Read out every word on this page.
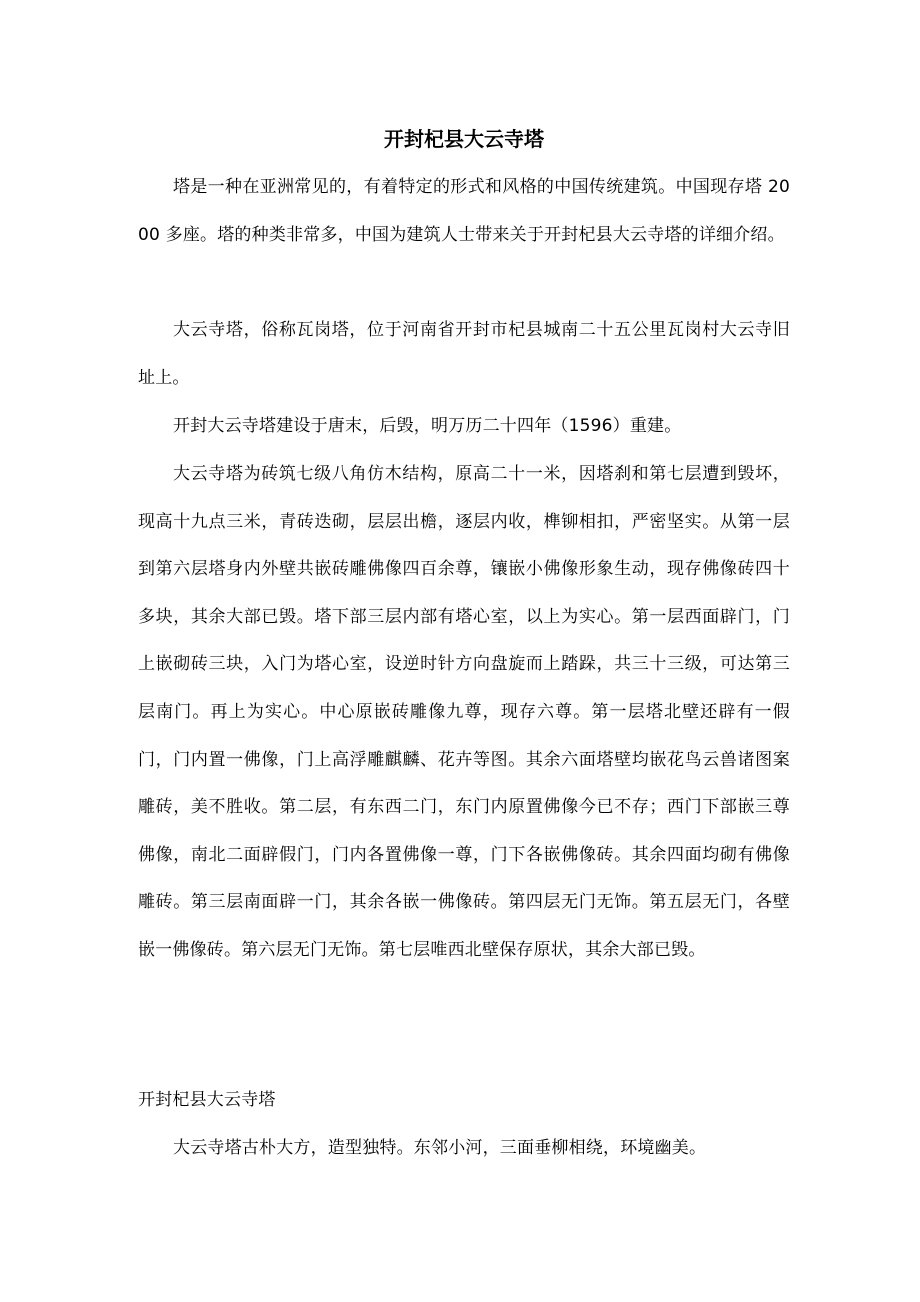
开封杞县大云寺塔

塔是一种在亚洲常见的，有着特定的形式和风格的中国传统建筑。中国现存塔 2000 多座。塔的种类非常多，中国为建筑人士带来关于开封杞县大云寺塔的详细介绍。

大云寺塔，俗称瓦岗塔，位于河南省开封市杞县城南二十五公里瓦岗村大云寺旧址上。

开封大云寺塔建设于唐末，后毁，明万历二十四年（1596）重建。

大云寺塔为砖筑七级八角仿木结构，原高二十一米，因塔刹和第七层遭到毁坏，现高十九点三米，青砖迭砌，层层出檐，逐层内收，榫铆相扣，严密坚实。从第一层到第六层塔身内外壁共嵌砖雕佛像四百余尊，镶嵌小佛像形象生动，现存佛像砖四十多块，其余大部已毁。塔下部三层内部有塔心室，以上为实心。第一层西面辟门，门上嵌砌砖三块，入门为塔心室，设逆时针方向盘旋而上踏跺，共三十三级，可达第三层南门。再上为实心。中心原嵌砖雕像九尊，现存六尊。第一层塔北壁还辟有一假门，门内置一佛像，门上高浮雕麒麟、花卉等图。其余六面塔壁均嵌花鸟云兽诸图案雕砖，美不胜收。第二层，有东西二门，东门内原置佛像今已不存；西门下部嵌三尊佛像，南北二面辟假门，门内各置佛像一尊，门下各嵌佛像砖。其余四面均砌有佛像雕砖。第三层南面辟一门，其余各嵌一佛像砖。第四层无门无饰。第五层无门，各壁嵌一佛像砖。第六层无门无饰。第七层唯西北壁保存原状，其余大部已毁。

开封杞县大云寺塔

大云寺塔古朴大方，造型独特。东邻小河，三面垂柳相绕，环境幽美。
